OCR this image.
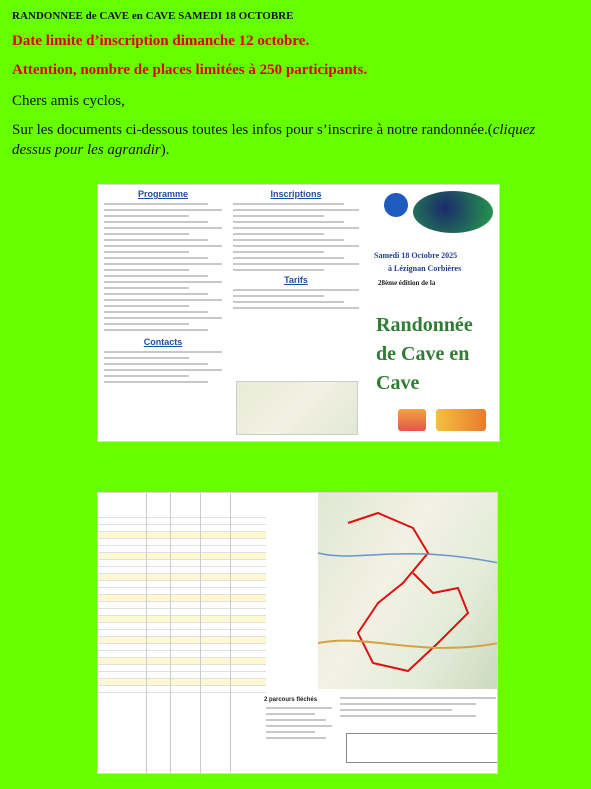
RANDONNEE de CAVE en CAVE SAMEDI 18 OCTOBRE
Date limite d’inscription dimanche 12 octobre.
Attention, nombre de places limitées à 250 participants.
Chers amis cyclos,
Sur les documents ci-dessous toutes les infos pour s’inscrire à notre randonnée.(cliquez dessus pour les agrandir).
Programme
Contacts
Inscriptions
Tarifs
Samedi 18 Octobre 2025
à Lézignan Corbières
28ème édition de la
Randonnée de Cave en Cave
2 parcours fléchés
